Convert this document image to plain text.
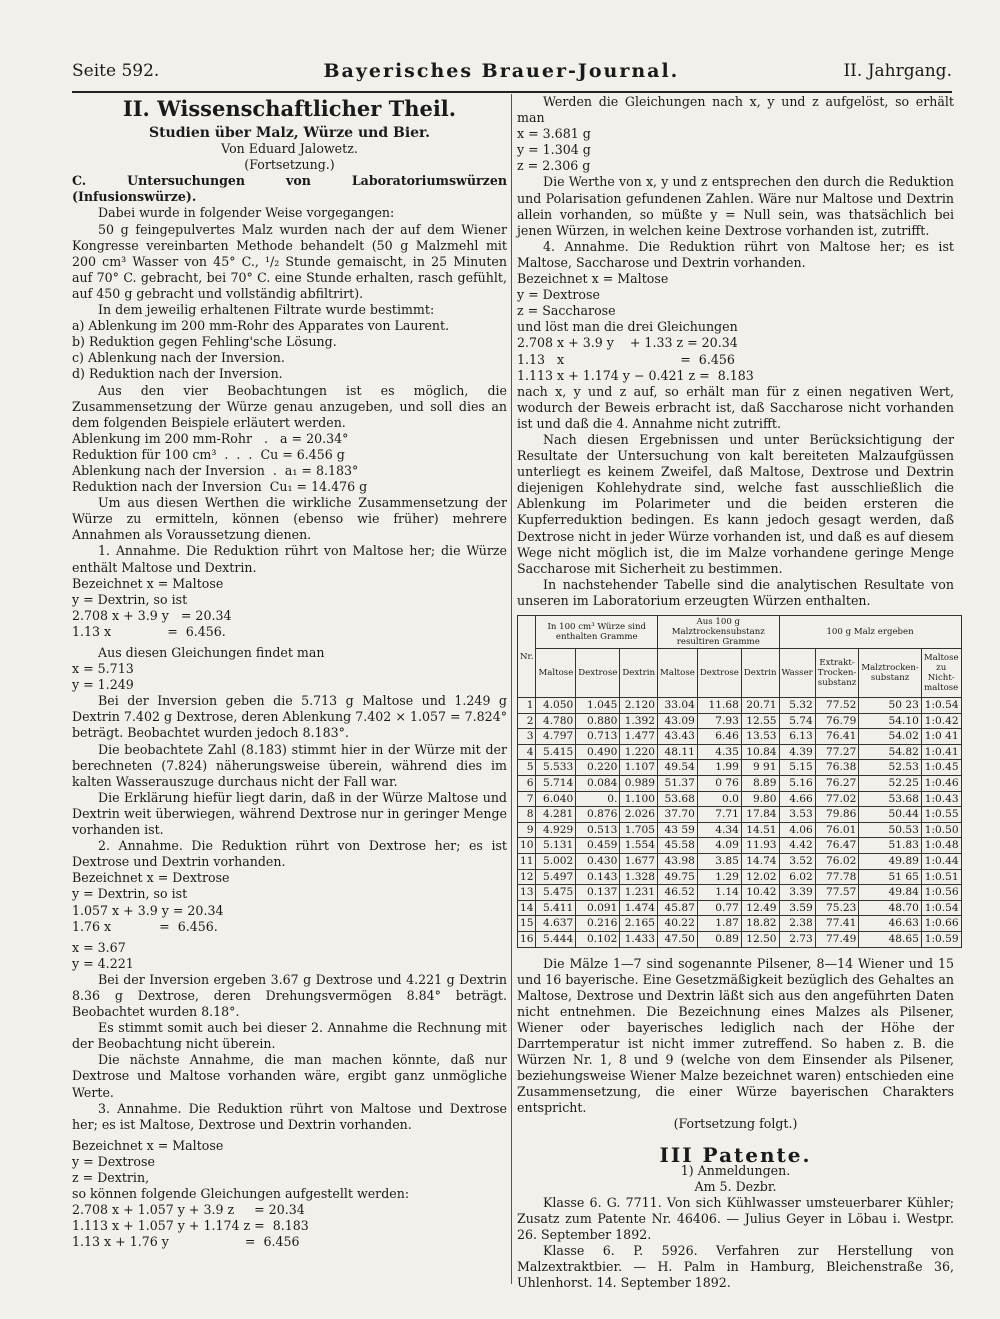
Seite 592.	Bayerisches Brauer-Journal.	II. Jahrgang.

II. Wissenschaftlicher Theil.

Studien über Malz, Würze und Bier.

Von Eduard Jalowetz.

(Fortsetzung.)

C. Untersuchungen von Laboratoriumswürzen (Infusionswürze).

Dabei wurde in folgender Weise vorgegangen:

50 g feingepulvertes Malz wurden nach der auf dem Wiener Kongresse vereinbarten Methode behandelt (50 g Malzmehl mit 200 cm³ Wasser von 45° C., ¹/₂ Stunde gemaischt, in 25 Minuten auf 70° C. gebracht, bei 70° C. eine Stunde erhalten, rasch gefühlt, auf 450 g gebracht und vollständig abfiltrirt).

In dem jeweilig erhaltenen Filtrate wurde bestimmt:

a) Ablenkung im 200 mm-Rohr des Apparates von Laurent.

b) Reduktion gegen Fehling'sche Lösung.

c) Ablenkung nach der Inversion.

d) Reduktion nach der Inversion.

Aus den vier Beobachtungen ist es möglich, die Zusammensetzung der Würze genau anzugeben, und soll dies an dem folgenden Beispiele erläutert werden.

Ablenkung im 200 mm-Rohr   .   a = 20.34°

Reduktion für 100 cm³  .  .  .  Cu = 6.456 g

Ablenkung nach der Inversion  .  a₁ = 8.183°

Reduktion nach der Inversion  Cu₁ = 14.476 g

Um aus diesen Werthen die wirkliche Zusammensetzung der Würze zu ermitteln, können (ebenso wie früher) mehrere Annahmen als Voraussetzung dienen.

1. Annahme. Die Reduktion rührt von Maltose her; die Würze enthält Maltose und Dextrin.

Bezeichnet x = Maltose

y = Dextrin, so ist

2.708 x + 3.9 y   = 20.34

1.13 x              =  6.456.

Aus diesen Gleichungen findet man

x = 5.713

y = 1.249

Bei der Inversion geben die 5.713 g Maltose und 1.249 g Dextrin 7.402 g Dextrose, deren Ablenkung 7.402 × 1.057 = 7.824° beträgt. Beobachtet wurden jedoch 8.183°.

Die beobachtete Zahl (8.183) stimmt hier in der Würze mit der berechneten (7.824) näherungsweise überein, während dies im kalten Wasserauszuge durchaus nicht der Fall war.

Die Erklärung hiefür liegt darin, daß in der Würze Maltose und Dextrin weit überwiegen, während Dextrose nur in geringer Menge vorhanden ist.

2. Annahme. Die Reduktion rührt von Dextrose her; es ist Dextrose und Dextrin vorhanden.

Bezeichnet x = Dextrose

y = Dextrin, so ist

1.057 x + 3.9 y = 20.34

1.76 x            =  6.456.

x = 3.67

y = 4.221

Bei der Inversion ergeben 3.67 g Dextrose und 4.221 g Dextrin 8.36 g Dextrose, deren Drehungsvermögen 8.84° beträgt. Beobachtet wurden 8.18°.

Es stimmt somit auch bei dieser 2. Annahme die Rechnung mit der Beobachtung nicht überein.

Die nächste Annahme, die man machen könnte, daß nur Dextrose und Maltose vorhanden wäre, ergibt ganz unmögliche Werte.

3. Annahme. Die Reduktion rührt von Maltose und Dextrose her; es ist Maltose, Dextrose und Dextrin vorhanden.

Bezeichnet x = Maltose

y = Dextrose

z = Dextrin,

so können folgende Gleichungen aufgestellt werden:

2.708 x + 1.057 y + 3.9 z     = 20.34

1.113 x + 1.057 y + 1.174 z =  8.183

1.13 x + 1.76 y                   =  6.456

Werden die Gleichungen nach x, y und z aufgelöst, so erhält man

x = 3.681 g

y = 1.304 g

z = 2.306 g

Die Werthe von x, y und z entsprechen den durch die Reduktion und Polarisation gefundenen Zahlen. Wäre nur Maltose und Dextrin allein vorhanden, so müßte y = Null sein, was thatsächlich bei jenen Würzen, in welchen keine Dextrose vorhanden ist, zutrifft.

4. Annahme. Die Reduktion rührt von Maltose her; es ist Maltose, Saccharose und Dextrin vorhanden.

Bezeichnet x = Maltose

y = Dextrose

z = Saccharose

und löst man die drei Gleichungen

2.708 x + 3.9 y    + 1.33 z = 20.34

1.13   x                             =  6.456

1.113 x + 1.174 y − 0.421 z =  8.183

nach x, y und z auf, so erhält man für z einen negativen Wert, wodurch der Beweis erbracht ist, daß Saccharose nicht vorhanden ist und daß die 4. Annahme nicht zutrifft.

Nach diesen Ergebnissen und unter Berücksichtigung der Resultate der Untersuchung von kalt bereiteten Malzaufgüssen unterliegt es keinem Zweifel, daß Maltose, Dextrose und Dextrin diejenigen Kohlehydrate sind, welche fast ausschließlich die Ablenkung im Polarimeter und die beiden ersteren die Kupferreduktion bedingen. Es kann jedoch gesagt werden, daß Dextrose nicht in jeder Würze vorhanden ist, und daß es auf diesem Wege nicht möglich ist, die im Malze vorhandene geringe Menge Saccharose mit Sicherheit zu bestimmen.

In nachstehender Tabelle sind die analytischen Resultate von unseren im Laboratorium erzeugten Würzen enthalten.

Nr.	In 100 cm³ Würze sind enthalten Gramme			Aus 100 g Malztrockensubstanz resultiren Gramme			100 g Malz ergeben			
	Maltose	Dextrose	Dextrin	Maltose	Dextrose	Dextrin	Wasser	Extrakt-Trocken-substanz	Malztrocken-substanz	Maltose zu Nicht-maltose
1	4.050	1.045	2.120	33.04	11.68	20.71	5.32	77.52	50 23	1:0.54
2	4.780	0.880	1.392	43.09	7.93	12.55	5.74	76.79	54.10	1:0.42
3	4.797	0.713	1.477	43.43	6.46	13.53	6.13	76.41	54.02	1:0 41
4	5.415	0.490	1.220	48.11	4.35	10.84	4.39	77.27	54.82	1:0.41
5	5.533	0.220	1.107	49.54	1.99	9 91	5.15	76.38	52.53	1:0.45
6	5.714	0.084	0.989	51.37	0 76	8.89	5.16	76.27	52.25	1:0.46
7	6.040	0.	1.100	53.68	0.0	9.80	4.66	77.02	53.68	1:0.43
8	4.281	0.876	2.026	37.70	7.71	17.84	3.53	79.86	50.44	1:0.55
9	4.929	0.513	1.705	43 59	4.34	14.51	4.06	76.01	50.53	1:0.50
10	5.131	0.459	1.554	45.58	4.09	11.93	4.42	76.47	51.83	1:0.48
11	5.002	0.430	1.677	43.98	3.85	14.74	3.52	76.02	49.89	1:0.44
12	5.497	0.143	1.328	49.75	1.29	12.02	6.02	77.78	51 65	1:0.51
13	5.475	0.137	1.231	46.52	1.14	10.42	3.39	77.57	49.84	1:0.56
14	5.411	0.091	1.474	45.87	0.77	12.49	3.59	75.23	48.70	1:0.54
15	4.637	0.216	2.165	40.22	1.87	18.82	2.38	77.41	46.63	1:0.66
16	5.444	0.102	1.433	47.50	0.89	12.50	2.73	77.49	48.65	1:0.59

Die Mälze 1—7 sind sogenannte Pilsener, 8—14 Wiener und 15 und 16 bayerische. Eine Gesetzmäßigkeit bezüglich des Gehaltes an Maltose, Dextrose und Dextrin läßt sich aus den angeführten Daten nicht entnehmen. Die Bezeichnung eines Malzes als Pilsener, Wiener oder bayerisches lediglich nach der Höhe der Darrtemperatur ist nicht immer zutreffend. So haben z. B. die Würzen Nr. 1, 8 und 9 (welche von dem Einsender als Pilsener, beziehungsweise Wiener Malze bezeichnet waren) entschieden eine Zusammensetzung, die einer Würze bayerischen Charakters entspricht.

(Fortsetzung folgt.)

III Patente.

1) Anmeldungen.

Am 5. Dezbr.

Klasse 6. G. 7711. Von sich Kühlwasser umsteuerbarer Kühler; Zusatz zum Patente Nr. 46406. — Julius Geyer in Löbau i. Westpr. 26. September 1892.

Klasse 6. P. 5926. Verfahren zur Herstellung von Malzextraktbier. — H. Palm in Hamburg, Bleichenstraße 36, Uhlenhorst. 14. September 1892.
